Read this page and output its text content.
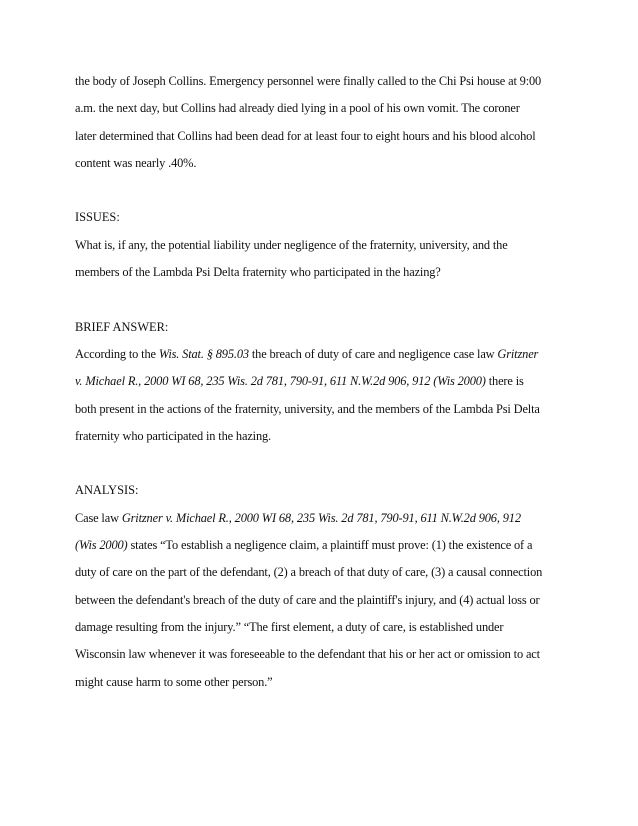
the body of Joseph Collins. Emergency personnel were finally called to the Chi Psi house at 9:00
a.m. the next day, but Collins had already died lying in a pool of his own vomit. The coroner
later determined that Collins had been dead for at least four to eight hours and his blood alcohol
content was nearly .40%.
ISSUES:
What is, if any, the potential liability under negligence of the fraternity, university, and the
members of the Lambda Psi Delta fraternity who participated in the hazing?
BRIEF ANSWER:
According to the Wis. Stat. § 895.03 the breach of duty of care and negligence case law Gritzner
v. Michael R., 2000 WI 68, 235 Wis. 2d 781, 790-91, 611 N.W.2d 906, 912 (Wis 2000) there is
both present in the actions of the fraternity, university, and the members of the Lambda Psi Delta
fraternity who participated in the hazing.
ANALYSIS:
Case law Gritzner v. Michael R., 2000 WI 68, 235 Wis. 2d 781, 790-91, 611 N.W.2d 906, 912
(Wis 2000) states “To establish a negligence claim, a plaintiff must prove: (1) the existence of a
duty of care on the part of the defendant, (2) a breach of that duty of care, (3) a causal connection
between the defendant's breach of the duty of care and the plaintiff's injury, and (4) actual loss or
damage resulting from the injury.” “The first element, a duty of care, is established under
Wisconsin law whenever it was foreseeable to the defendant that his or her act or omission to act
might cause harm to some other person.”
